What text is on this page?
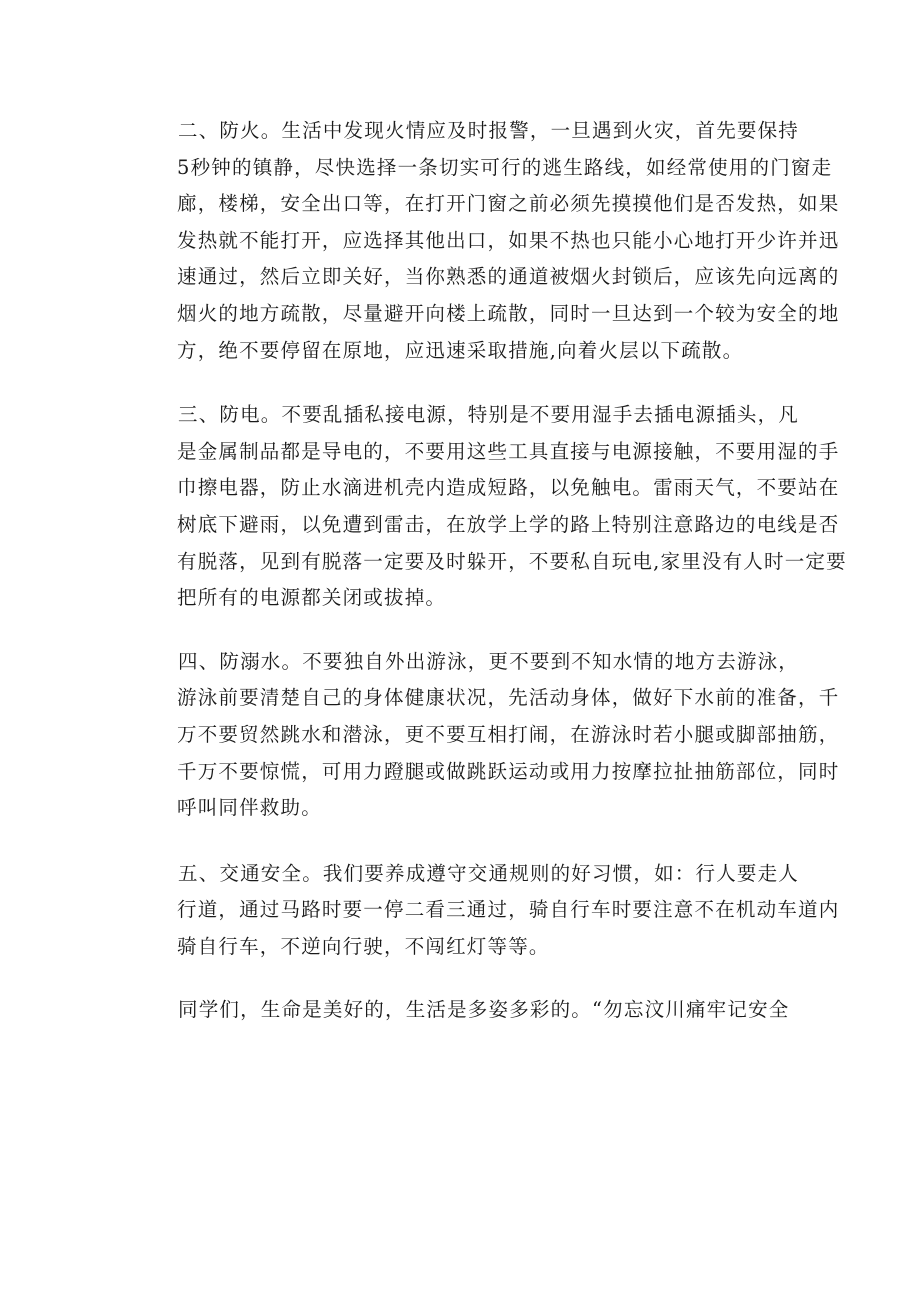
二、防火。生活中发现火情应及时报警，一旦遇到火灾，首先要保持
5秒钟的镇静，尽快选择一条切实可行的逃生路线，如经常使用的门窗走
廊，楼梯，安全出口等，在打开门窗之前必须先摸摸他们是否发热，如果
发热就不能打开，应选择其他出口，如果不热也只能小心地打开少许并迅
速通过，然后立即关好，当你熟悉的通道被烟火封锁后，应该先向远离的
烟火的地方疏散，尽量避开向楼上疏散，同时一旦达到一个较为安全的地
方，绝不要停留在原地，应迅速采取措施,向着火层以下疏散。
三、防电。不要乱插私接电源，特别是不要用湿手去插电源插头，凡
是金属制品都是导电的，不要用这些工具直接与电源接触，不要用湿的手
巾擦电器，防止水滴进机壳内造成短路，以免触电。雷雨天气，不要站在
树底下避雨，以免遭到雷击，在放学上学的路上特别注意路边的电线是否
有脱落，见到有脱落一定要及时躲开，不要私自玩电,家里没有人时一定要
把所有的电源都关闭或拔掉。
四、防溺水。不要独自外出游泳，更不要到不知水情的地方去游泳，
游泳前要清楚自己的身体健康状况，先活动身体，做好下水前的准备，千
万不要贸然跳水和潜泳，更不要互相打闹，在游泳时若小腿或脚部抽筋，
千万不要惊慌，可用力蹬腿或做跳跃运动或用力按摩拉扯抽筋部位，同时
呼叫同伴救助。
五、交通安全。我们要养成遵守交通规则的好习惯，如：行人要走人
行道，通过马路时要一停二看三通过，骑自行车时要注意不在机动车道内
骑自行车，不逆向行驶，不闯红灯等等。
同学们，生命是美好的，生活是多姿多彩的。“勿忘汶川痛牢记安全
